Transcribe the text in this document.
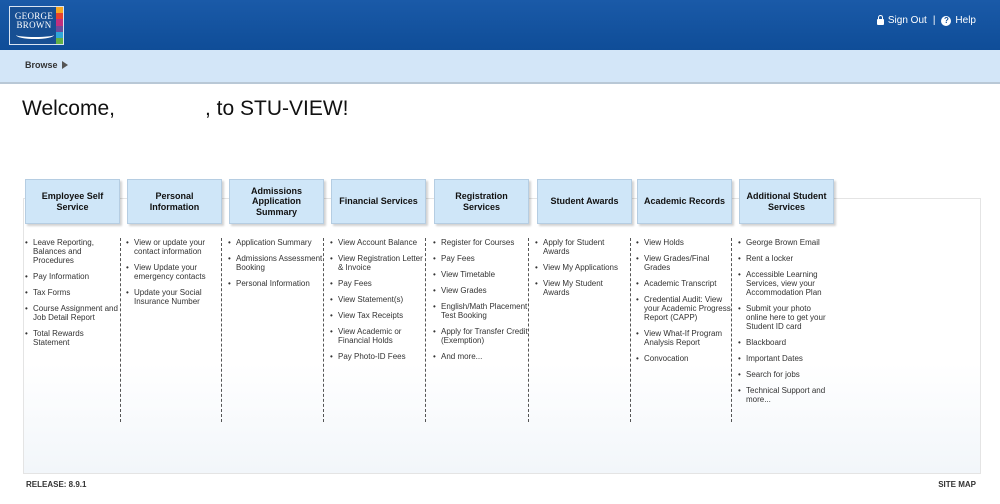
GEORGE
BROWN	Sign Out |	? Help
Browse
Welcome,	, to STU-VIEW!
Employee Self Service
• Leave Reporting, Balances and Procedures
• Pay Information
• Tax Forms
• Course Assignment and Job Detail Report
• Total Rewards Statement
Personal Information
• View or update your contact information
• View Update your emergency contacts
• Update your Social Insurance Number
Admissions Application Summary
• Application Summary
• Admissions Assessment Booking
• Personal Information
Financial Services
• View Account Balance
• View Registration Letter & Invoice
• Pay Fees
• View Statement(s)
• View Tax Receipts
• View Academic or Financial Holds
• Pay Photo-ID Fees
Registration Services
• Register for Courses
• Pay Fees
• View Timetable
• View Grades
• English/Math Placement Test Booking
• Apply for Transfer Credit (Exemption)
• And more...
Student Awards
• Apply for Student Awards
• View My Applications
• View My Student Awards
Academic Records
• View Holds
• View Grades/Final Grades
• Academic Transcript
• Credential Audit: View your Academic Progress Report (CAPP)
• View What-If Program Analysis Report
• Convocation
Additional Student Services
• George Brown Email
• Rent a locker
• Accessible Learning Services, view your Accommodation Plan
• Submit your photo online here to get your Student ID card
• Blackboard
• Important Dates
• Search for jobs
• Technical Support and more...
RELEASE: 8.9.1	SITE MAP
